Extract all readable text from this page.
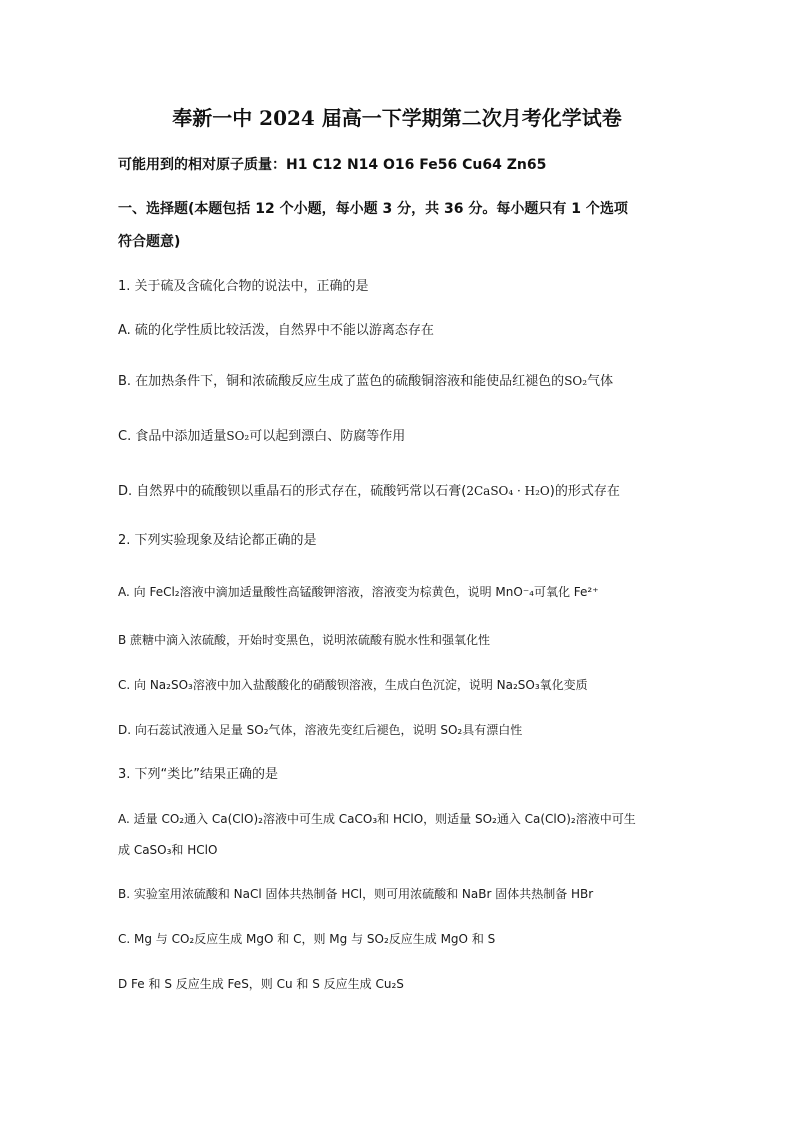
奉新一中 2024 届高一下学期第二次月考化学试卷
可能用到的相对原子质量：H1 C12 N14 O16 Fe56 Cu64 Zn65
一、选择题(本题包括 12 个小题，每小题 3 分，共 36 分。每小题只有 1 个选项
符合题意)
1. 关于硫及含硫化合物的说法中，正确的是
A. 硫的化学性质比较活泼，自然界中不能以游离态存在
B. 在加热条件下，铜和浓硫酸反应生成了蓝色的硫酸铜溶液和能使品红褪色的SO₂气体
C. 食品中添加适量SO₂可以起到漂白、防腐等作用
D. 自然界中的硫酸钡以重晶石的形式存在，硫酸钙常以石膏(2CaSO₄ · H₂O)的形式存在
2. 下列实验现象及结论都正确的是
A. 向 FeCl₂溶液中滴加适量酸性高锰酸钾溶液，溶液变为棕黄色，说明 MnO⁻₄可氧化 Fe²⁺
B 蔗糖中滴入浓硫酸，开始时变黑色，说明浓硫酸有脱水性和强氧化性
C. 向 Na₂SO₃溶液中加入盐酸酸化的硝酸钡溶液，生成白色沉淀，说明 Na₂SO₃氧化变质
D. 向石蕊试液通入足量 SO₂气体，溶液先变红后褪色，说明 SO₂具有漂白性
3. 下列“类比”结果正确的是
A. 适量 CO₂通入 Ca(ClO)₂溶液中可生成 CaCO₃和 HClO，则适量 SO₂通入 Ca(ClO)₂溶液中可生
成 CaSO₃和 HClO
B. 实验室用浓硫酸和 NaCl 固体共热制备 HCl，则可用浓硫酸和 NaBr 固体共热制备 HBr
C. Mg 与 CO₂反应生成 MgO 和 C，则 Mg 与 SO₂反应生成 MgO 和 S
D Fe 和 S 反应生成 FeS，则 Cu 和 S 反应生成 Cu₂S
